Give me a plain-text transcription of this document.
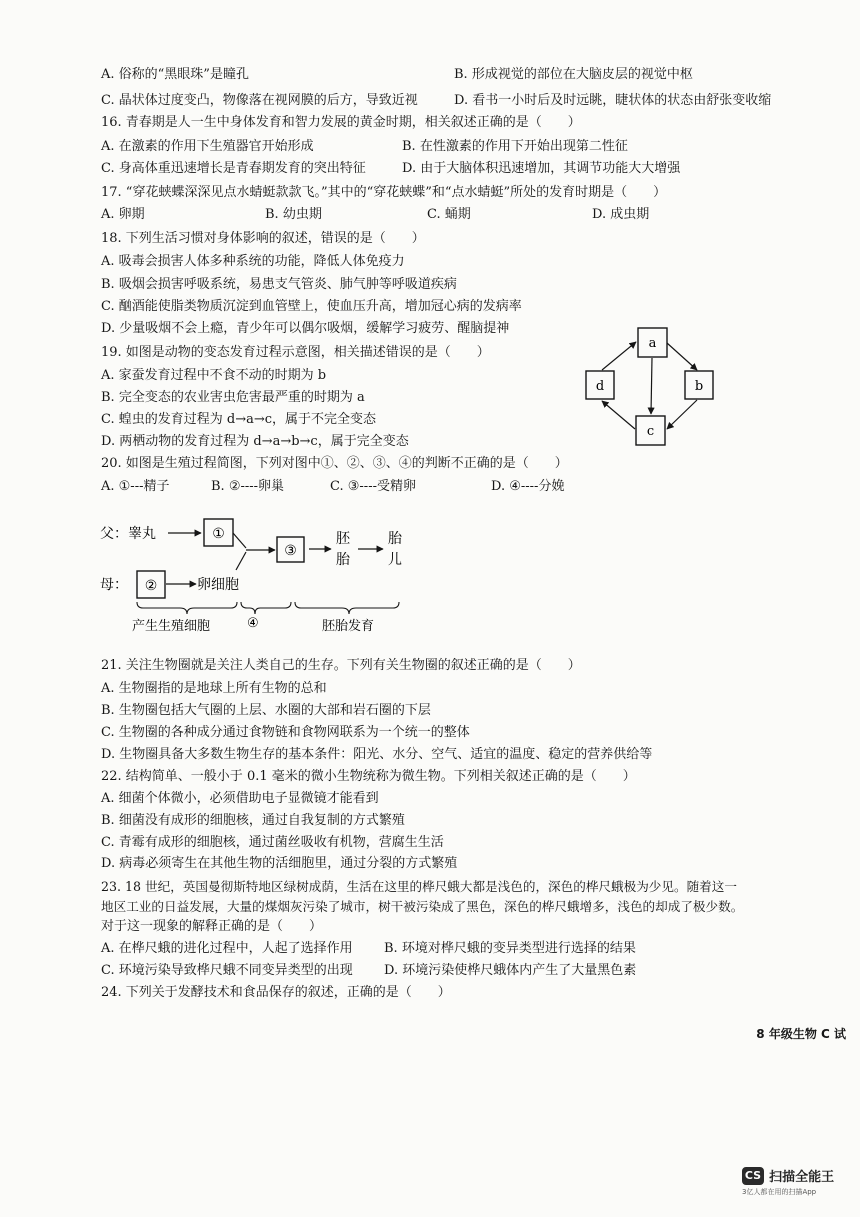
A. 俗称的“黑眼珠”是瞳孔	B. 形成视觉的部位在大脑皮层的视觉中枢
C. 晶状体过度变凸，物像落在视网膜的后方，导致近视	D. 看书一小时后及时远眺，睫状体的状态由舒张变收缩
16. 青春期是人一生中身体发育和智力发展的黄金时期，相关叙述正确的是（　　）
A. 在激素的作用下生殖器官开始形成	B. 在性激素的作用下开始出现第二性征
C. 身高体重迅速增长是青春期发育的突出特征	D. 由于大脑体积迅速增加，其调节功能大大增强
17. “穿花蛱蝶深深见点水蜻蜓款款飞。”其中的“穿花蛱蝶”和“点水蜻蜓”所处的发育时期是（　　）
A. 卵期	B. 幼虫期	C. 蛹期	D. 成虫期
18. 下列生活习惯对身体影响的叙述，错误的是（　　）
A. 吸毒会损害人体多种系统的功能，降低人体免疫力
B. 吸烟会损害呼吸系统，易患支气管炎、肺气肿等呼吸道疾病
C. 酗酒能使脂类物质沉淀到血管壁上，使血压升高，增加冠心病的发病率
D. 少量吸烟不会上瘾，青少年可以偶尔吸烟，缓解学习疲劳、醒脑提神
19. 如图是动物的变态发育过程示意图，相关描述错误的是（　　）
A. 家蚕发育过程中不食不动的时期为 b
B. 完全变态的农业害虫危害最严重的时期为 a
C. 蝗虫的发育过程为 d→a→c，属于不完全变态
D. 两栖动物的发育过程为 d→a→b→c，属于完全变态
a
b
c
d
20. 如图是生殖过程简图，下列对图中①、②、③、④的判断不正确的是（　　）
A. ①---精子	B. ②----卵巢	C. ③----受精卵	D. ④----分娩
父：睾丸	①
母： ②	卵细胞
③
胚
胎
胎
儿
产生生殖细胞	④	胚胎发育
21. 关注生物圈就是关注人类自己的生存。下列有关生物圈的叙述正确的是（　　）
A. 生物圈指的是地球上所有生物的总和
B. 生物圈包括大气圈的上层、水圈的大部和岩石圈的下层
C. 生物圈的各种成分通过食物链和食物网联系为一个统一的整体
D. 生物圈具备大多数生物生存的基本条件：阳光、水分、空气、适宜的温度、稳定的营养供给等
22. 结构简单、一般小于 0.1 毫米的微小生物统称为微生物。下列相关叙述正确的是（　　）
A. 细菌个体微小，必须借助电子显微镜才能看到
B. 细菌没有成形的细胞核，通过自我复制的方式繁殖
C. 青霉有成形的细胞核，通过菌丝吸收有机物，营腐生生活
D. 病毒必须寄生在其他生物的活细胞里，通过分裂的方式繁殖
23. 18 世纪，英国曼彻斯特地区绿树成荫，生活在这里的桦尺蛾大都是浅色的，深色的桦尺蛾极为少见。随着这一
地区工业的日益发展，大量的煤烟灰污染了城市，树干被污染成了黑色，深色的桦尺蛾增多，浅色的却成了极少数。
对于这一现象的解释正确的是（　　）
A. 在桦尺蛾的进化过程中，人起了选择作用 B. 环境对桦尺蛾的变异类型进行选择的结果
C. 环境污染导致桦尺蛾不同变异类型的出现 D. 环境污染使桦尺蛾体内产生了大量黑色素
24. 下列关于发酵技术和食品保存的叙述，正确的是（　　）
8 年级生物 C 试
CS 扫描全能王
3亿人都在用的扫描App
